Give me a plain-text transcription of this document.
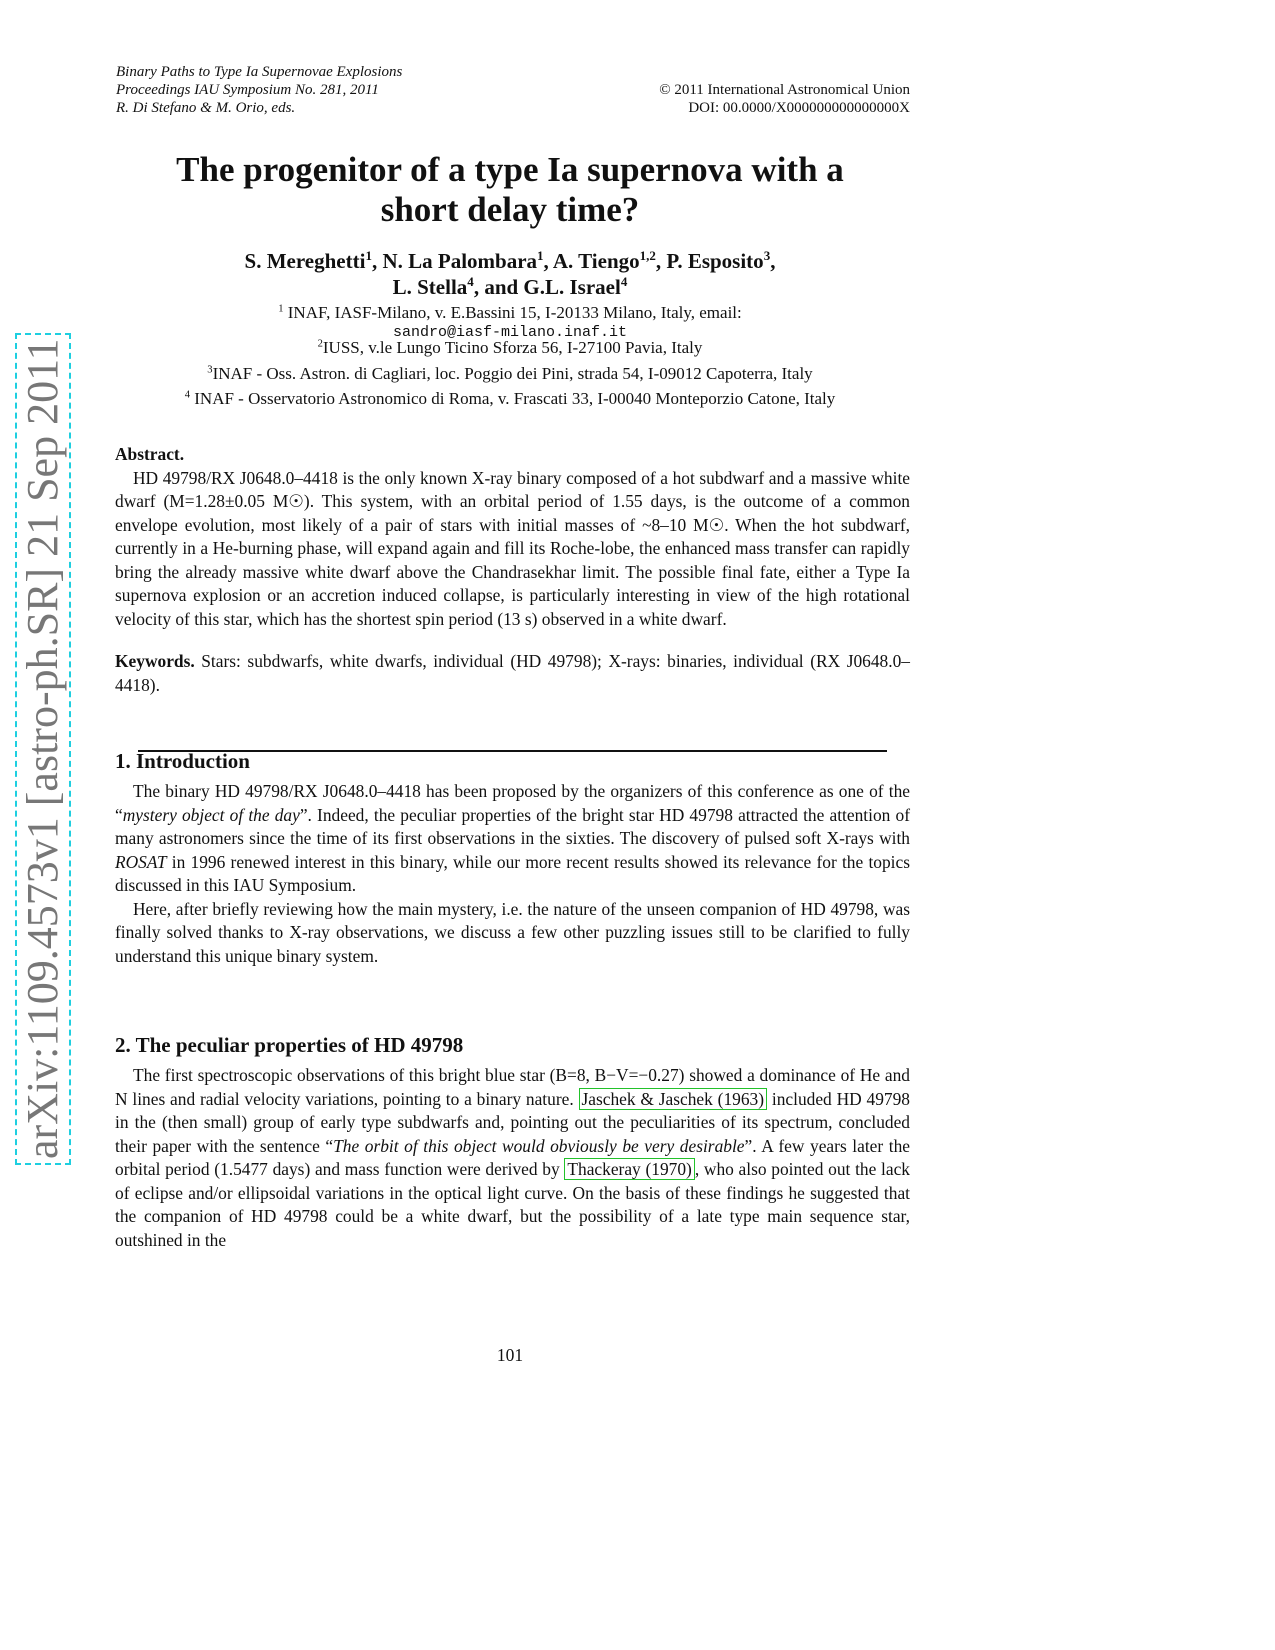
Binary Paths to Type Ia Supernovae Explosions
Proceedings IAU Symposium No. 281, 2011
R. Di Stefano & M. Orio, eds.
© 2011 International Astronomical Union
DOI: 00.0000/X000000000000000X
The progenitor of a type Ia supernova with a
short delay time?
S. Mereghetti$^1$, N. La Palombara$^1$, A. Tiengo$^{1,2}$, P. Esposito$^3$,
L. Stella$^4$, and G.L. Israel$^4$
$^1$ INAF, IASF-Milano, v. E.Bassini 15, I-20133 Milano, Italy, email:
sandro@iasf-milano.inaf.it
$^2$IUSS, v.le Lungo Ticino Sforza 56, I-27100 Pavia, Italy
$^3$INAF - Oss. Astron. di Cagliari, loc. Poggio dei Pini, strada 54, I-09012 Capoterra, Italy
$^4$ INAF - Osservatorio Astronomico di Roma, v. Frascati 33, I-00040 Monteporzio Catone, Italy
Abstract.
HD 49798/RX J0648.0–4418 is the only known X-ray binary composed of a hot subdwarf and a massive white dwarf (M=1.28±0.05 M☉). This system, with an orbital period of 1.55 days, is the outcome of a common envelope evolution, most likely of a pair of stars with initial masses of ~8–10 M☉. When the hot subdwarf, currently in a He-burning phase, will expand again and fill its Roche-lobe, the enhanced mass transfer can rapidly bring the already massive white dwarf above the Chandrasekhar limit. The possible final fate, either a Type Ia supernova explosion or an accretion induced collapse, is particularly interesting in view of the high rotational velocity of this star, which has the shortest spin period (13 s) observed in a white dwarf.
Keywords. Stars: subdwarfs, white dwarfs, individual (HD 49798); X-rays: binaries, individual (RX J0648.0–4418).
1. Introduction
The binary HD 49798/RX J0648.0–4418 has been proposed by the organizers of this conference as one of the “mystery object of the day”. Indeed, the peculiar properties of the bright star HD 49798 attracted the attention of many astronomers since the time of its first observations in the sixties. The discovery of pulsed soft X-rays with ROSAT in 1996 renewed interest in this binary, while our more recent results showed its relevance for the topics discussed in this IAU Symposium.
Here, after briefly reviewing how the main mystery, i.e. the nature of the unseen companion of HD 49798, was finally solved thanks to X-ray observations, we discuss a few other puzzling issues still to be clarified to fully understand this unique binary system.
2. The peculiar properties of HD 49798
The first spectroscopic observations of this bright blue star (B=8, B−V=−0.27) showed a dominance of He and N lines and radial velocity variations, pointing to a binary nature. Jaschek & Jaschek (1963) included HD 49798 in the (then small) group of early type subdwarfs and, pointing out the peculiarities of its spectrum, concluded their paper with the sentence “The orbit of this object would obviously be very desirable”. A few years later the orbital period (1.5477 days) and mass function were derived by Thackeray (1970) , who also pointed out the lack of eclipse and/or ellipsoidal variations in the optical light curve. On the basis of these findings he suggested that the companion of HD 49798 could be a white dwarf, but the possibility of a late type main sequence star, outshined in the
101
arXiv:1109.4573v1 [astro-ph.SR] 21 Sep 2011
